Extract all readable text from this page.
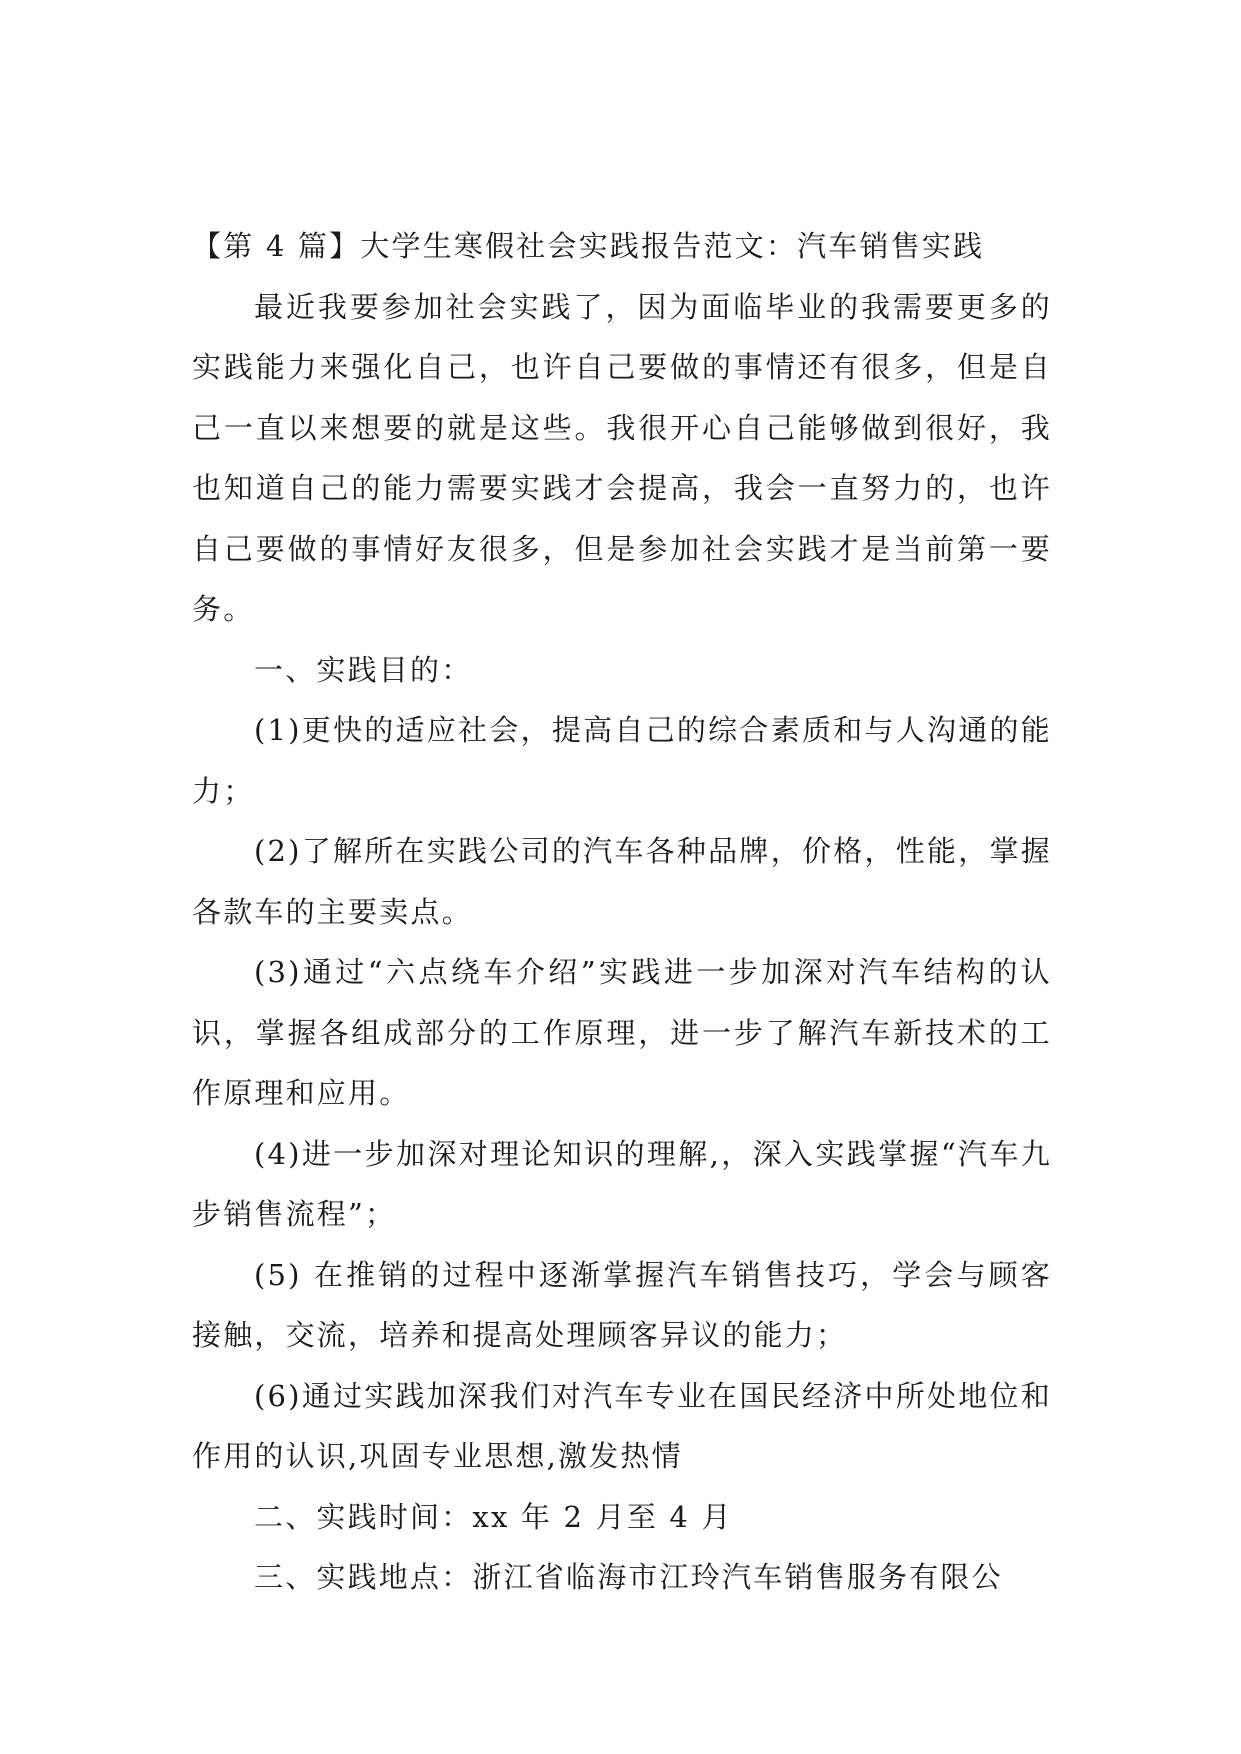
【第 4 篇】大学生寒假社会实践报告范文：汽车销售实践

最近我要参加社会实践了，因为面临毕业的我需要更多的实践能力来强化自己，也许自己要做的事情还有很多，但是自己一直以来想要的就是这些。我很开心自己能够做到很好，我也知道自己的能力需要实践才会提高，我会一直努力的，也许自己要做的事情好友很多，但是参加社会实践才是当前第一要务。

一、实践目的：

(1)更快的适应社会，提高自己的综合素质和与人沟通的能力；

(2)了解所在实践公司的汽车各种品牌，价格，性能，掌握各款车的主要卖点。

(3)通过“六点绕车介绍”实践进一步加深对汽车结构的认识，掌握各组成部分的工作原理，进一步了解汽车新技术的工作原理和应用。

(4)进一步加深对理论知识的理解,，深入实践掌握“汽车九步销售流程”；

(5) 在推销的过程中逐渐掌握汽车销售技巧，学会与顾客接触，交流，培养和提高处理顾客异议的能力；

(6)通过实践加深我们对汽车专业在国民经济中所处地位和作用的认识,巩固专业思想,激发热情

二、实践时间：xx 年 2 月至 4 月

三、实践地点：浙江省临海市江玲汽车销售服务有限公
